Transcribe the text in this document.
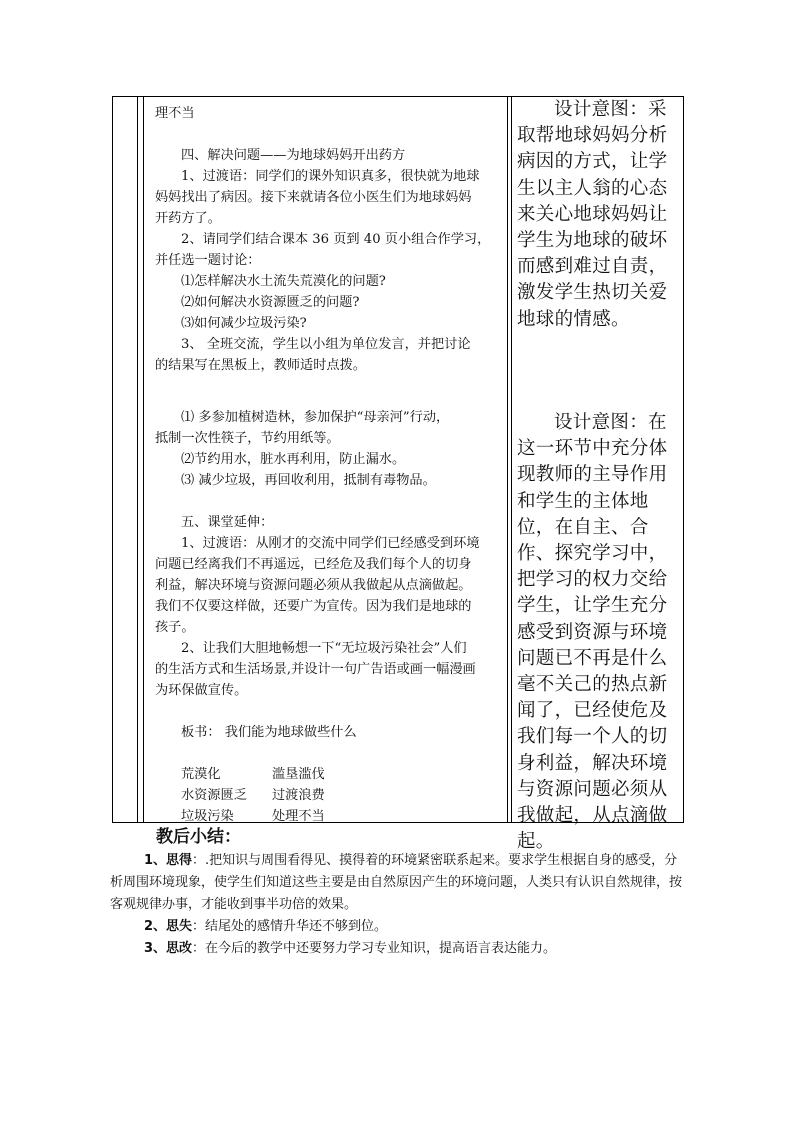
理不当

四、解决问题——为地球妈妈开出药方

1、过渡语：同学们的课外知识真多，很快就为地球

妈妈找出了病因。接下来就请各位小医生们为地球妈妈

开药方了。

2、请同学们结合课本 36 页到 40 页小组合作学习，

并任选一题讨论：

⑴怎样解决水土流失荒漠化的问题?

⑵如何解决水资源匮乏的问题?

⑶如何减少垃圾污染?

3、 全班交流，学生以小组为单位发言，并把讨论

的结果写在黑板上，教师适时点拨。

⑴ 多参加植树造林，参加保护“母亲河”行动，

抵制一次性筷子，节约用纸等。

⑵节约用水，脏水再利用，防止漏水。

⑶ 减少垃圾，再回收利用，抵制有毒物品。

五、课堂延伸：

1、过渡语：从刚才的交流中同学们已经感受到环境

问题已经离我们不再遥远，已经危及我们每个人的切身

利益，解决环境与资源问题必须从我做起从点滴做起。

我们不仅要这样做，还要广为宣传。因为我们是地球的

孩子。

2、让我们大胆地畅想一下“无垃圾污染社会”人们

的生活方式和生活场景,并设计一句广告语或画一幅漫画

为环保做宣传。

板书： 我们能为地球做些什么

荒漠化	滥垦滥伐
水资源匮乏	过渡浪费
垃圾污染	处理不当

设计意图：采取帮地球妈妈分析病因的方式，让学生以主人翁的心态来关心地球妈妈让学生为地球的破坏而感到难过自责，激发学生热切关爱地球的情感。

设计意图：在这一环节中充分体现教师的主导作用和学生的主体地位，在自主、合作、探究学习中，把学习的权力交给学生，让学生充分感受到资源与环境问题已不再是什么毫不关己的热点新闻了，已经使危及我们每一个人的切身利益，解决环境与资源问题必须从我做起，从点滴做起。

教后小结：

1、思得：.把知识与周围看得见、摸得着的环境紧密联系起来。要求学生根据自身的感受，分析周围环境现象，使学生们知道这些主要是由自然原因产生的环境问题，人类只有认识自然规律，按客观规律办事，才能收到事半功倍的效果。

2、思失：结尾处的感情升华还不够到位。

3、思改：在今后的教学中还要努力学习专业知识，提高语言表达能力。
